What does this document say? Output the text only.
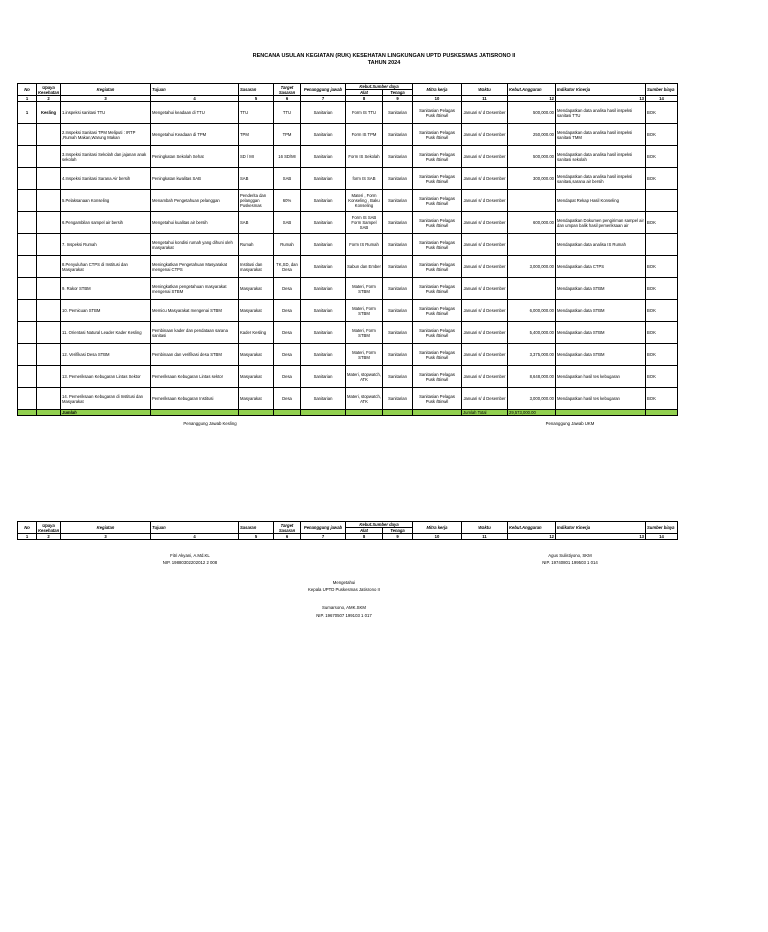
RENCANA USULAN KEGIATAN (RUK) KESEHATAN LINGKUNGAN UPTD PUSKESMAS JATISRONO II
TAHUN 2024
No	Upaya Kesehatan	Kegiatan	Tujuan	Sasaran	Target Sasaran	Penanggung jawab	Kebut.Sumber daya		Mitra kerja	Waktu	Kebut.Anggaran	Indikator Kinerja	Sumber biaya
							Alat	Tenaga					
1	2	3	4	5	6	7	8	9	10	11	12	13	14
1	Kesling	1.inspeksi sanitasi TTU	Mengetahui keadaan di TTU	TTU	TTU	Sanitarian	Form IS TTU	Sanitarian	Sanitasian Pelagas Pusk /Binwil	Januari s/ d Desember	500,000.00	Mendapatkan data analisa hasil inspeksi sanitasi TTU	BOK
		2.Inspeksi Sanitasi TPM Meliputi : IRTP ,Rumah Makan,Warung Makan	Mengetahui Keadaan di TPM	TPM	TPM	Sanitarian	Form IS TPM	Sanitarian	Sanitasian Pelagas Pusk /Binwil	Januari s/ d Desember	250,000.00	Mendapatkan data analisa hasil inspeksi sanitasi TMM	BOK
		3.Inspeksi Sanitasi Sekolah dan jajanan anak sekolah	Peningkatan Sekolah Sehat	SD / MI	16 SD/MI	Sanitarian	Form IS Sekolah	Sanitarian	Sanitasian Pelagas Pusk /Binwil	Januari s/ d Desember	500,000.00	Mendapatkan data analisa hasil inspeksi sanitasi sekolah	BOK
		4.Inspeksi Sanitasi Sarana Air bersih	Peningkatan kwalitas SAB	SAB	SAB	Sanitarian	form IS SAB	Sanitarian	Sanitasian Pelagas Pusk /Binwil	Januari s/ d Desember	300,000.00	Mendapatkan data analisa hasil inspeksi sanitasi,sarana air bersih	BOK
		5.Pelaksanaan Konseling	Menambah Pengetahuan pelanggan	Penderita dan pelanggan Puskesmas	60%	Sanitarian	Materi , Form Konseling , Baku Konseling	Sanitarian	Sanitasian Pelagas Pusk /Binwil	Januari s/ d Desember		Mendapat Rekap Hasil Konseling	
		6.Pengambilan sampel air bersih	Mengetahui kualitas air bersih	SAB	SAB	Sanitarian	Form IS SAB Form Sampel SAB	Sanitarian	Sanitasian Pelagas Pusk /Binwil	Januari s/ d Desember	600,000.00	Mendapatkan Dokumen pengiriman sampel air dan umpan balik hasil pemeriksaan air	BOK
		7. Inspeksi Rumah	Mengetahui kondisi rumah yang dihuni oleh masyarakat	Rumah	Rumah	Sanitarian	Form IS Rumah	Sanitarian	Sanitasian Pelagas Pusk /Binwil	Januari s/ d Desember		Mendapatkan data analisa IS Rumah	
		8.Penyuluhan CTPS di Institusi dan Masyarakat	Meningkatkan Pengetahuan Masyarakat mengenai CTPS	Institusi dan masyarakat	TK,SD, dan Desa	Sanitarian	Sabun dan Ember	Sanitarian	Sanitasian Pelagas Pusk /Binwil	Januari s/ d Desember	3,000,000.00	Mendapatkan data CTPS	BOK
		9. Rakor STBM	Meningkatkan pengetahuan masyarakat mengenai STBM	Masyarakat	Desa	Sanitarian	Materi, Form STBM	Sanitarian	Sanitasian Pelagas Pusk /Binwil	Januari s/ d Desember		Mendapatkan data STBM	BOK
		10. Pemicuan STBM	Memicu Masyarakat mengenai STBM	Masyarakat	Desa	Sanitarian	Materi, Form STBM	Sanitarian	Sanitasian Pelagas Pusk /Binwil	Januari s/ d Desember	6,000,000.00	Mendapatkan data STBM	BOK
		11. Orientasi Natural Leader Kader Kesling	Pembinaan kader dan pendataan sarana sanitasi	Kader Kesling	Desa	Sanitarian	Materi, Form STBM	Sanitarian	Sanitasian Pelagas Pusk /Binwil	Januari s/ d Desember	5,400,000.00	Mendapatkan data STBM	BOK
		12. Verifikasi Desa STBM	Pembinaan dan verifikasi desa STBM	Masyarakat	Desa	Sanitarian	Materi, Form STBM	Sanitarian	Sanitasian Pelagas Pusk /Binwil	Januari s/ d Desember	3,375,000.00	Mendapatkan data STBM	BOK
		13. Pemeriksaan Kebugaran Lintas Sektor	Pemeriksaan Kebugaran Lintas sektor	Masyarakat	Desa	Sanitarian	Materi, stopwatch, ATK	Sanitarian	Sanitasian Pelagas Pusk /Binwil	Januari s/ d Desember	8,648,000.00	Mendapatkan hasil tes kebugaran	BOK
		14. Pemeriksaan Kebugaran di Institusi dan Masyarakat	Pemeriksaan Kebugaran Institusi	Masyarakat	Desa	Sanitarian	Materi, stopwatch, ATK	Sanitarian	Sanitasian Pelagas Pusk /Binwil	Januari s/ d Desember	3,000,000.00	Mendapatkan hasil tes kebugaran	BOK
		Jumlah								Jumlah Total	29,573,000.00		
Penanggung Jawab Kesling	Penanggung Jawab UKM
No	Upaya Kesehatan	Kegiatan	Tujuan	Sasaran	Target Sasaran	Penanggung jawab	Kebut.Sumber daya		Mitra kerja	Waktu	Kebut.Anggaran	Indikator Kinerja	Sumber biaya
							Alat	Tenaga					
1	2	3	4	5	6	7	8	9	10	11	12	13	14
Fitri Akyani, A.Md.KL
NIP. 19880302202012 2 008
Agus Sulistiyono, SKM
NIP. 19740801 199503 1 014
Mengetahui
Kepala UPTD Puskesmas Jatisrono II
Sumarsono, AMK.SKM
NIP. 19670507 199103 1 017
